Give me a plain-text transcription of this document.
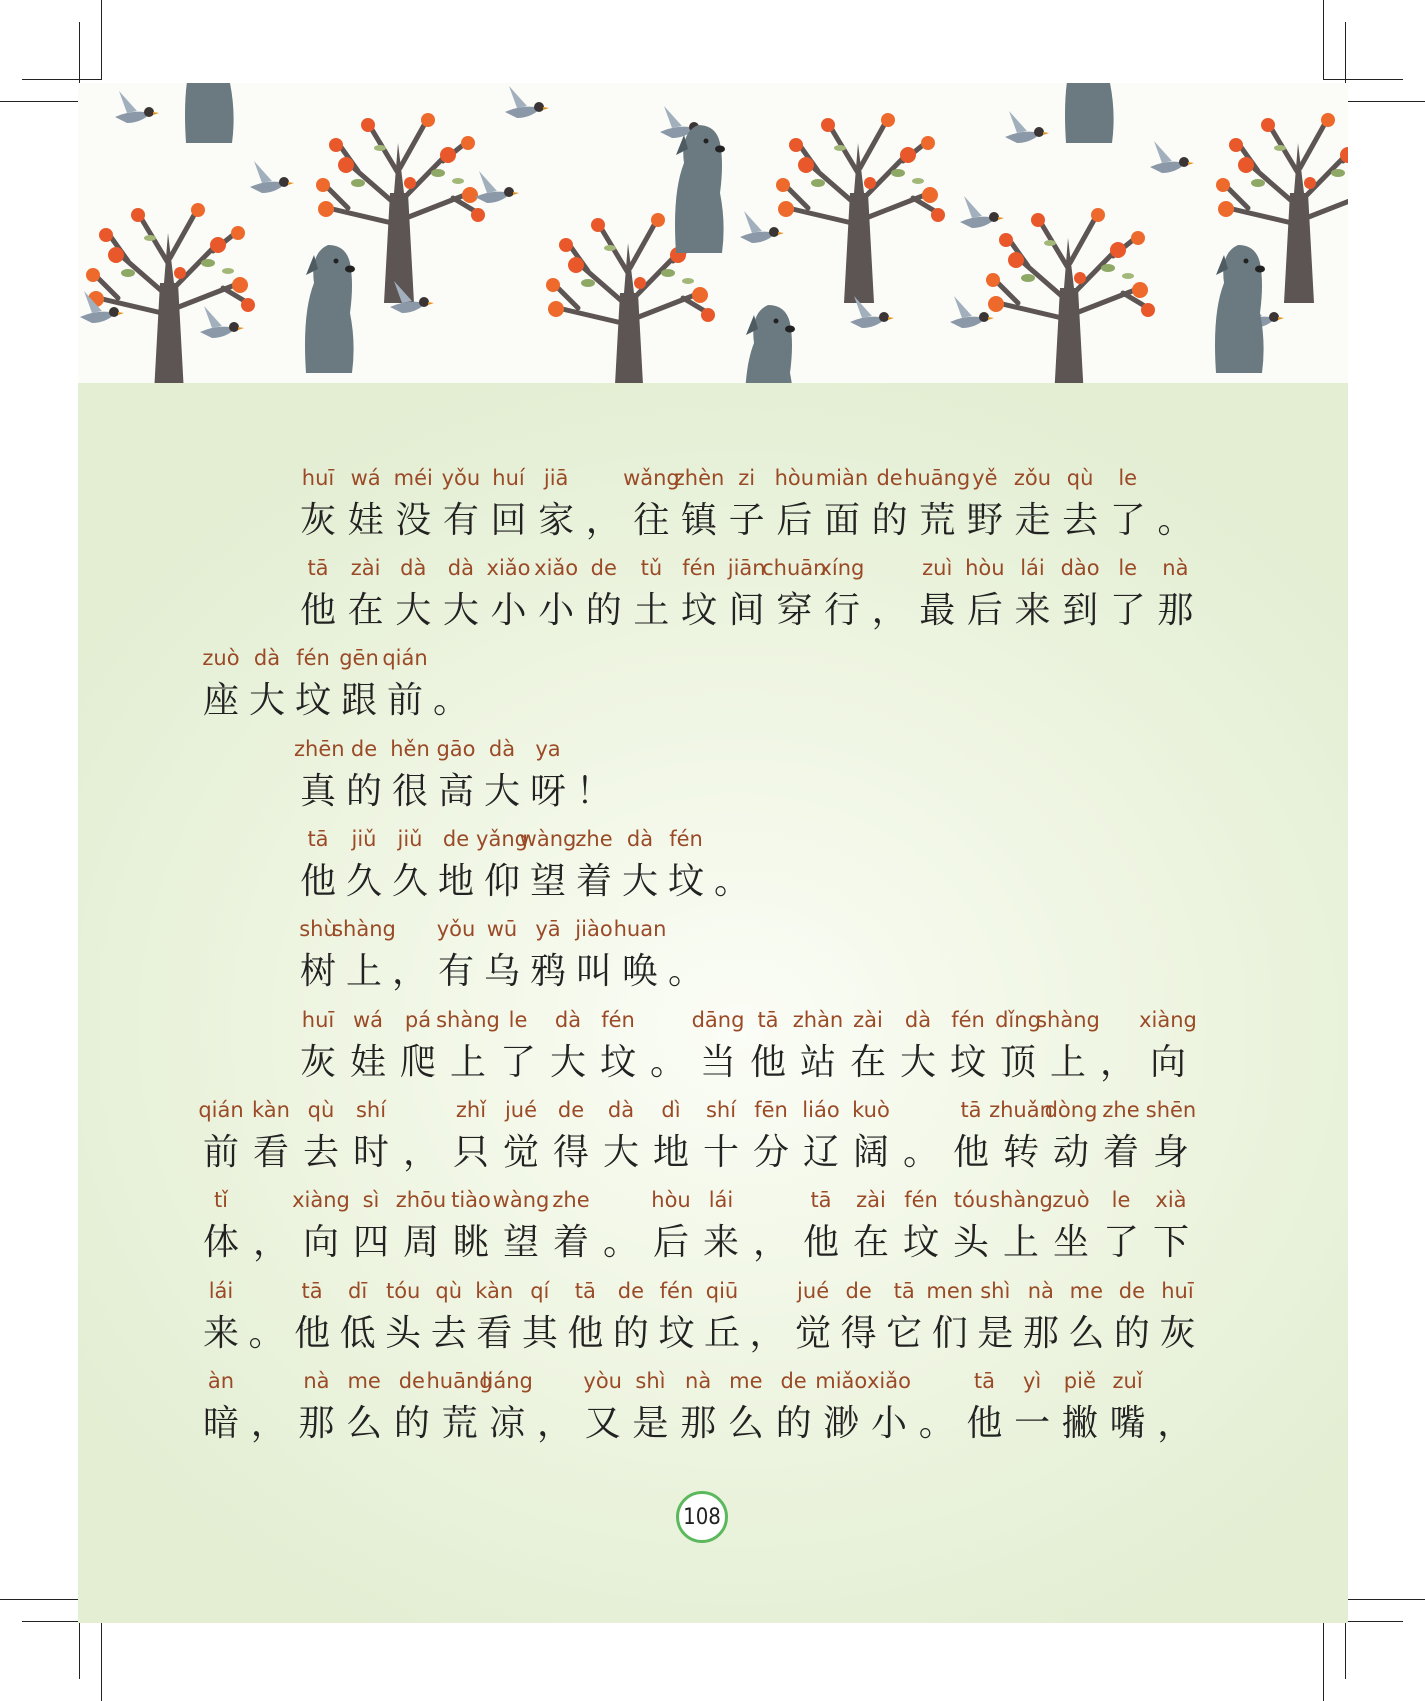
灰娃没有回家，往镇子后面的荒野走去了。
huī wá méi yǒu huí jiā	wǎng
zhèn zi hòu miàn de huāng yě zǒu qù le
他在大大小小的土坟间穿行，最后来到了那
tā zài dà dà xiǎo xiǎo de tǔ fén jiān
chuān
xíng	zuì hòu lái dào le nà
座大坟跟前。
zuò dà fén gēn qián
真的很高大呀！
zhēn de hěn gāo dà ya
他久久地仰望着大坟。
tā jiǔ jiǔ de yǎng
wàng zhe dà fén
树上，有乌鸦叫唤。
shù
shàng yǒu wū yā jiào huan
灰娃爬上了大坟。当他站在大坟顶上，向
huī wá pá shàng le dà fén	dāng tā zhàn zài dà fén dǐng
shàng xiàng
前看去时，只觉得大地十分辽阔。他转动着身
qián kàn qù shí	zhǐ jué de dà dì shí fēn liáo kuò	tā zhuǎn
dòng zhe shēn
体，向四周眺望着。后来，他在坟头上坐了下
tǐ	xiàng sì zhōu tiào wàng zhe	hòu lái	tā zài fén tóu shàng zuò le xià
来。他低头去看其他的坟丘，觉得它们是那么的灰
lái	tā dī tóu qù kàn qí tā de fén qiū	jué de tā men shì nà me de huī
暗，那么的荒凉，又是那么的渺小。他一撇嘴，
àn	nà me de huāng
liáng yòu shì nà me de miǎo xiǎo	tā yì piě zuǐ
108
